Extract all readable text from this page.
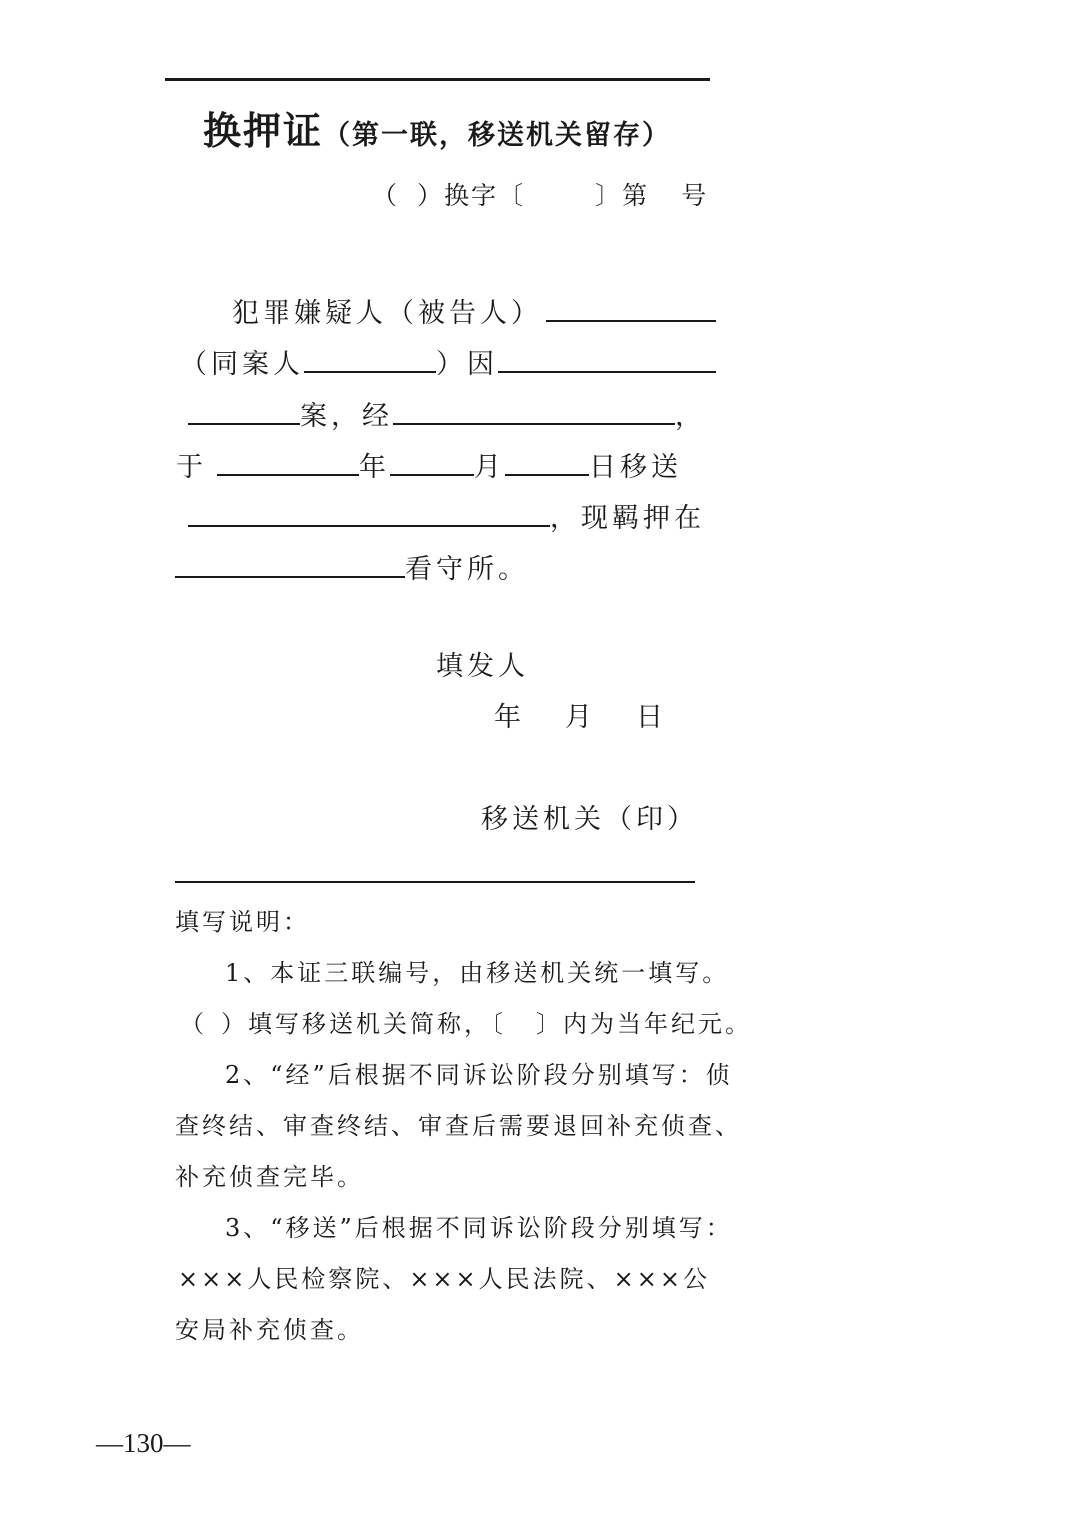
换押证（第一联，移送机关留存）
（ ）换字〔	〕第 号
犯罪嫌疑人（被告人）
（同案人	）因
案，经	，
于	年	月	日移送
，现羁押在
看守所。
填发人
年 月 日
移送机关（印）
填写说明：
1、本证三联编号，由移送机关统一填写。
（ ）填写移送机关简称，〔 〕内为当年纪元。
2、“经”后根据不同诉讼阶段分别填写：侦
查终结、审查终结、审查后需要退回补充侦查、
补充侦查完毕。
3、“移送”后根据不同诉讼阶段分别填写：
×××人民检察院、×××人民法院、×××公
安局补充侦查。
—130—
